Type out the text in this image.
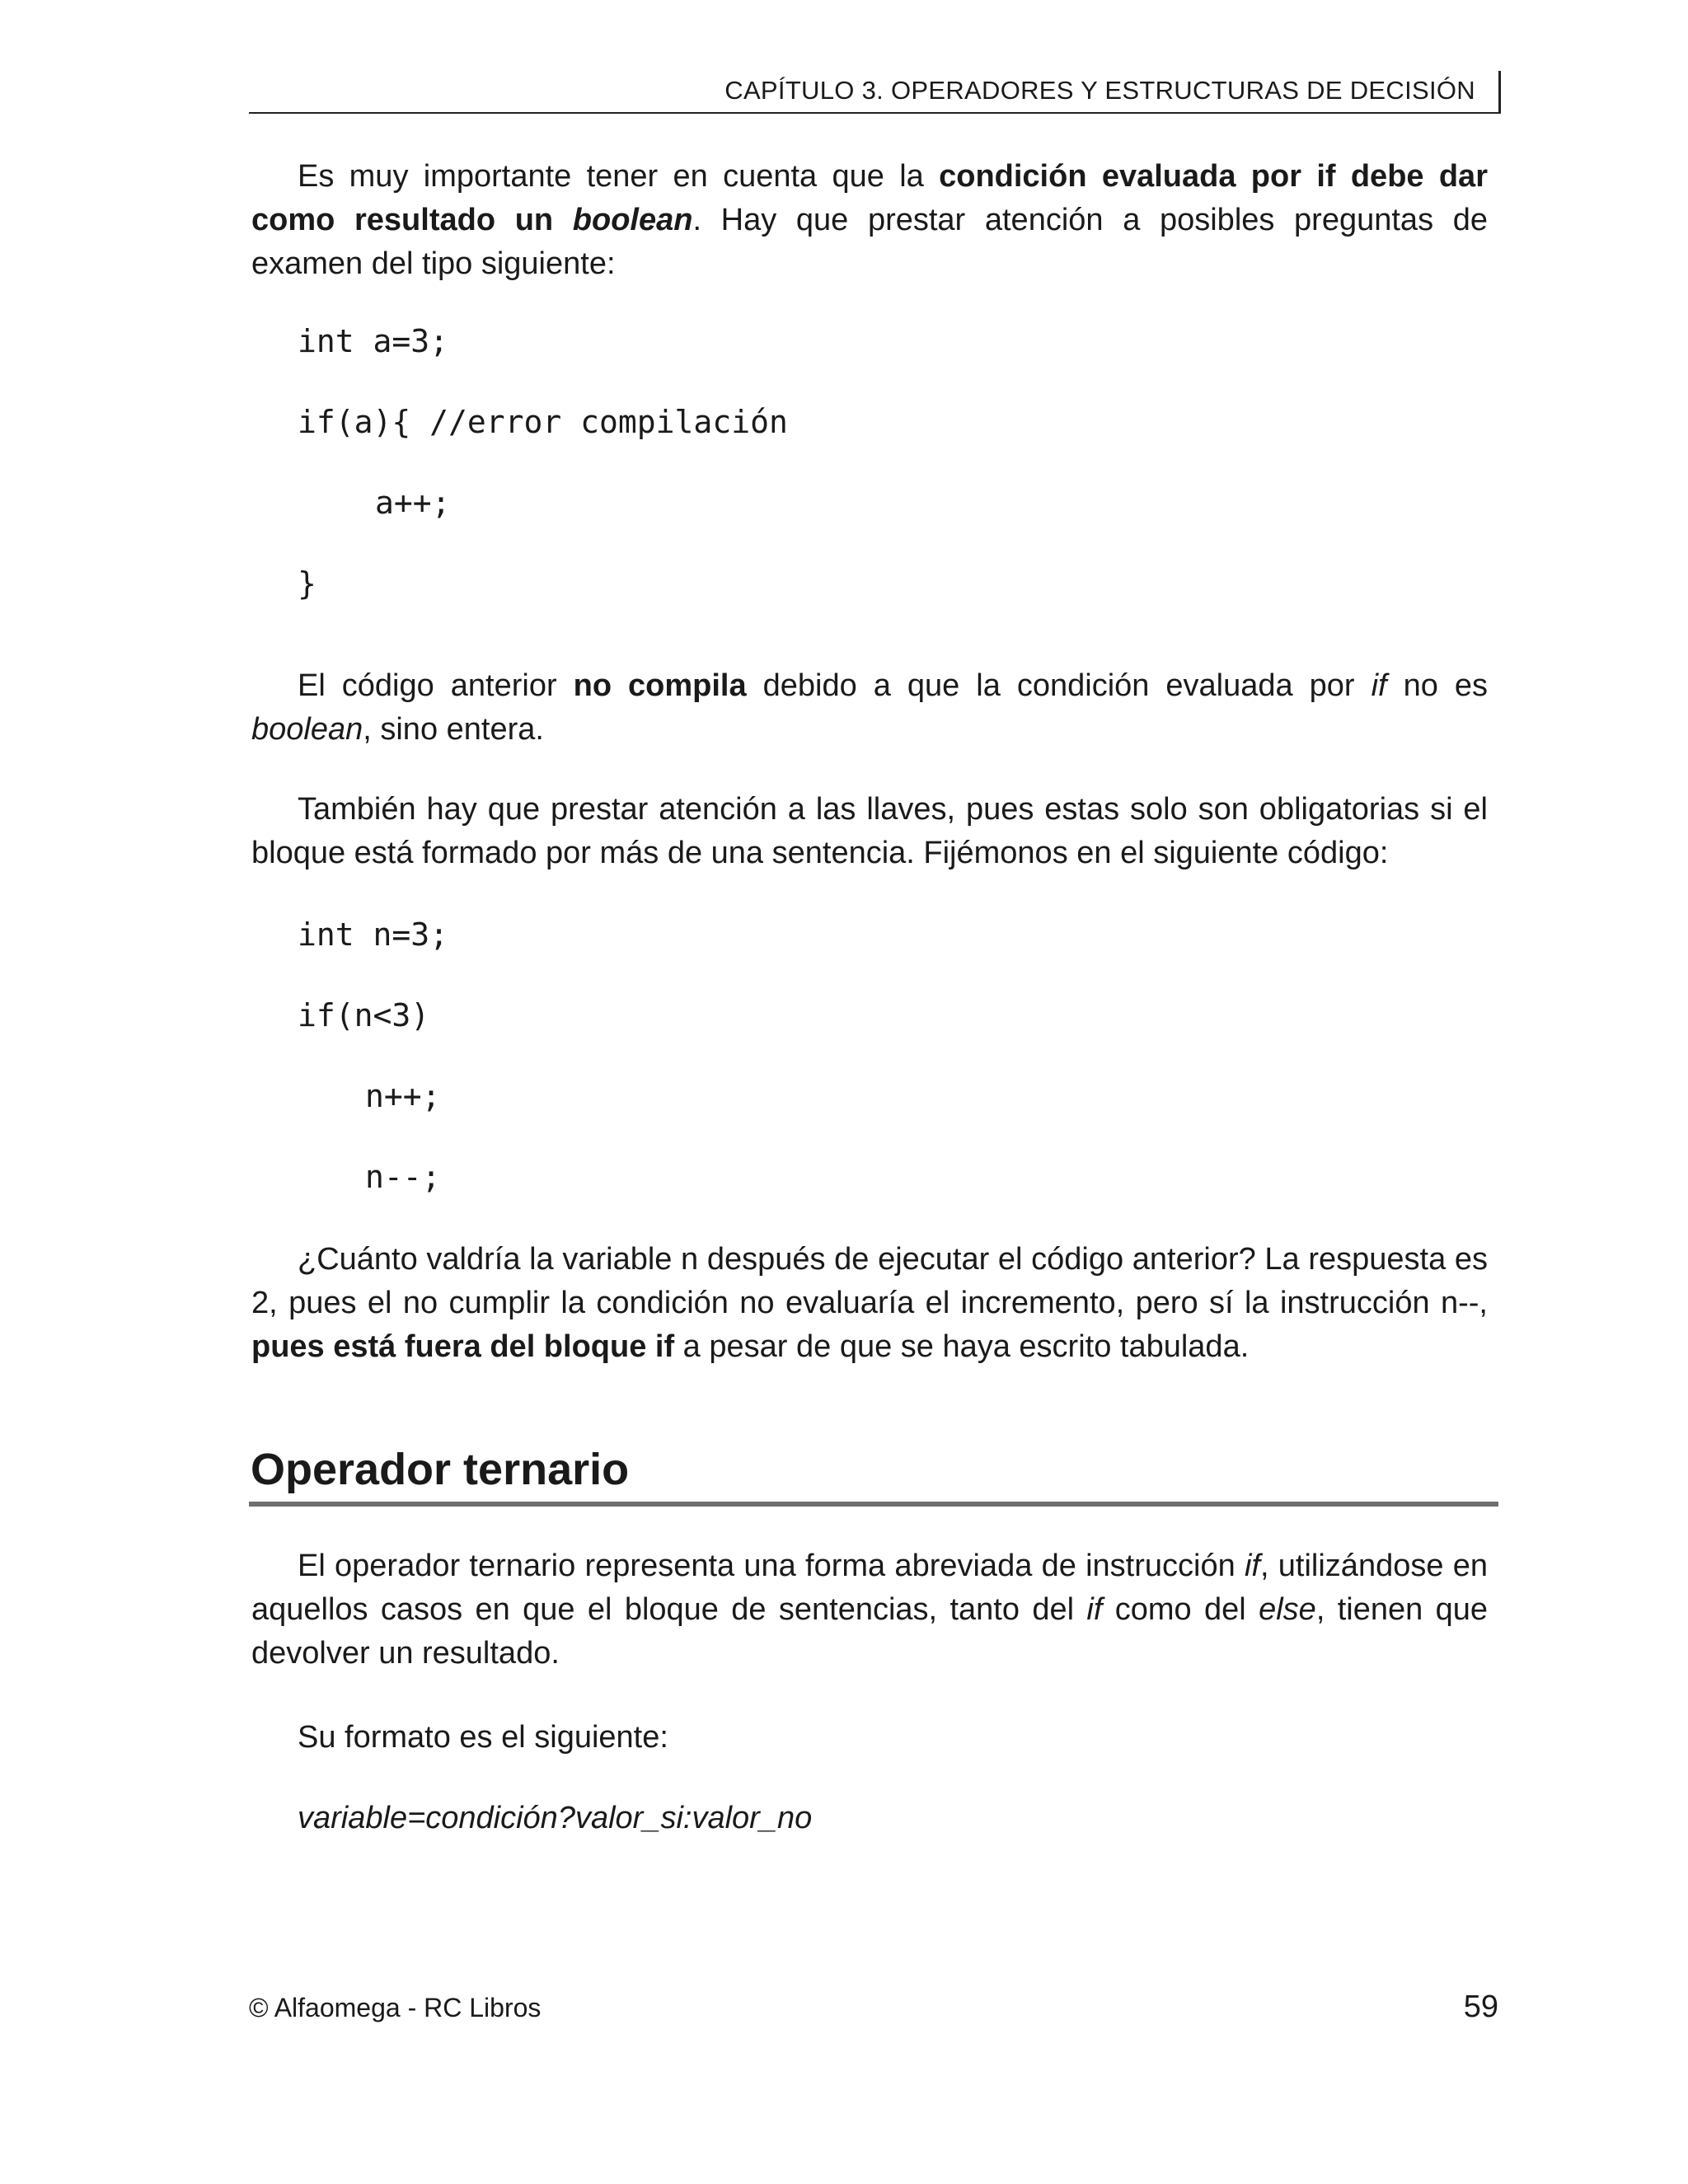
CAPÍTULO 3. OPERADORES Y ESTRUCTURAS DE DECISIÓN

Es muy importante tener en cuenta que la condición evaluada por if debe dar como resultado un boolean. Hay que prestar atención a posibles preguntas de examen del tipo siguiente:

int a=3;
if(a){ //error compilación
a++;
}

El código anterior no compila debido a que la condición evaluada por if no es boolean, sino entera.

También hay que prestar atención a las llaves, pues estas solo son obligatorias si el bloque está formado por más de una sentencia. Fijémonos en el siguiente código:

int n=3;
if(n<3)
n++;
n--;

¿Cuánto valdría la variable n después de ejecutar el código anterior? La respuesta es 2, pues el no cumplir la condición no evaluaría el incremento, pero sí la instrucción n--, pues está fuera del bloque if a pesar de que se haya escrito tabulada.

Operador ternario

El operador ternario representa una forma abreviada de instrucción if, utilizándose en aquellos casos en que el bloque de sentencias, tanto del if como del else, tienen que devolver un resultado.

Su formato es el siguiente:

variable=condición?valor_si:valor_no

© Alfaomega - RC Libros	59
